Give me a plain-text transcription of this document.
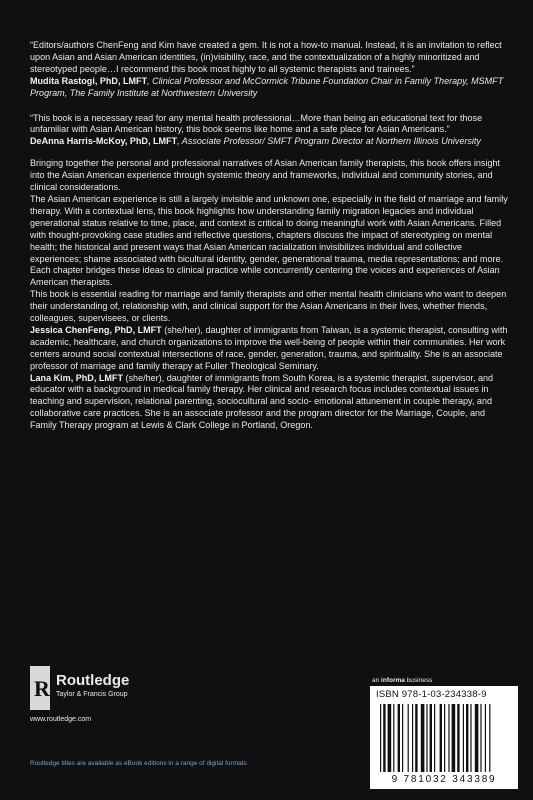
“Editors/authors ChenFeng and Kim have created a gem. It is not a how-to manual. Instead, it is an invitation to reflect upon Asian and Asian American identities, (in)visibility, race, and the contextualization of a highly minoritized and stereotyped people…I recommend this book most highly to all systemic therapists and trainees.”

Mudita Rastogi, PhD, LMFT, Clinical Professor and McCormick Tribune Foundation Chair in Family Therapy, MSMFT Program, The Family Institute at Northwestern University

“This book is a necessary read for any mental health professional…More than being an educational text for those unfamiliar with Asian American history, this book seems like home and a safe place for Asian Americans.”

DeAnna Harris-McKoy, PhD, LMFT, Associate Professor/ SMFT Program Director at Northern Illinois University

Bringing together the personal and professional narratives of Asian American family therapists, this book offers insight into the Asian American experience through systemic theory and frameworks, individual and community stories, and clinical considerations.

The Asian American experience is still a largely invisible and unknown one, especially in the field of marriage and family therapy. With a contextual lens, this book highlights how understanding family migration legacies and individual generational status relative to time, place, and context is critical to doing meaningful work with Asian Americans. Filled with thought-provoking case studies and reflective questions, chapters discuss the impact of stereotyping on mental health; the historical and present ways that Asian American racialization invisibilizes individual and collective experiences; shame associated with bicultural identity, gender, generational trauma, media representations; and more. Each chapter bridges these ideas to clinical practice while concurrently centering the voices and experiences of Asian American therapists.

This book is essential reading for marriage and family therapists and other mental health clinicians who want to deepen their understanding of, relationship with, and clinical support for the Asian Americans in their lives, whether friends, colleagues, supervisees, or clients.

Jessica ChenFeng, PhD, LMFT (she/her), daughter of immigrants from Taiwan, is a systemic therapist, consulting with academic, healthcare, and church organizations to improve the well-being of people within their communities. Her work centers around social contextual intersections of race, gender, generation, trauma, and spirituality. She is an associate professor of marriage and family therapy at Fuller Theological Seminary.

Lana Kim, PhD, LMFT (she/her), daughter of immigrants from South Korea, is a systemic therapist, supervisor, and educator with a background in medical family therapy. Her clinical and research focus includes contextual issues in teaching and supervision, relational parenting, sociocultural and socio- emotional attunement in couple therapy, and collaborative care practices. She is an associate professor and the program director for the Marriage, Couple, and Family Therapy program at Lewis & Clark College in Portland, Oregon.

R Routledge
Taylor & Francis Group
www.routledge.com
Routledge titles are available as eBook editions in a range of digital formats
an informa business
ISBN 978-1-03-234338-9
9 781032 343389
